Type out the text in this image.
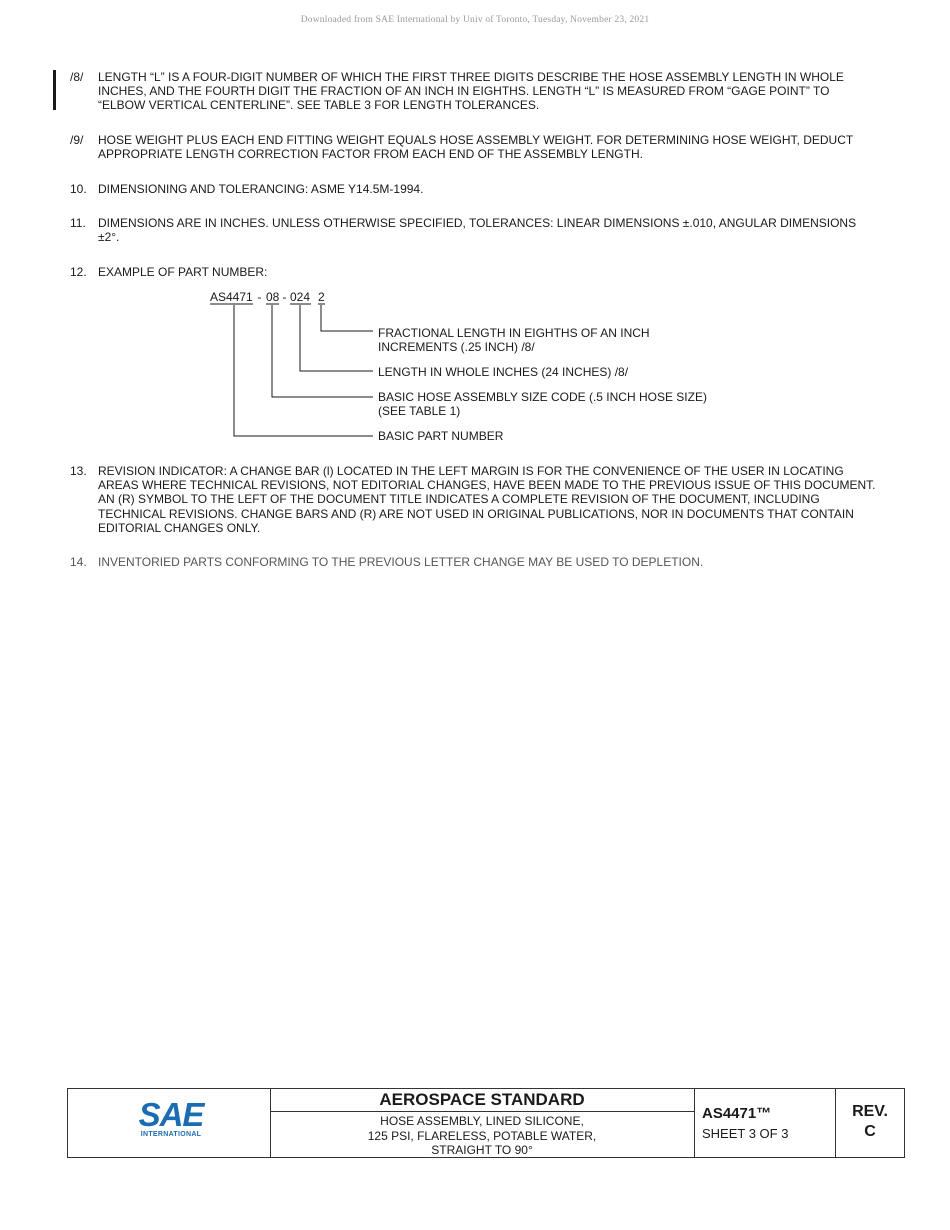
Downloaded from SAE International by Univ of Toronto, Tuesday, November 23, 2021
/8/	LENGTH “L” IS A FOUR-DIGIT NUMBER OF WHICH THE FIRST THREE DIGITS DESCRIBE THE HOSE ASSEMBLY LENGTH IN WHOLE INCHES, AND THE FOURTH DIGIT THE FRACTION OF AN INCH IN EIGHTHS. LENGTH “L” IS MEASURED FROM “GAGE POINT” TO “ELBOW VERTICAL CENTERLINE”. SEE TABLE 3 FOR LENGTH TOLERANCES.
/9/	HOSE WEIGHT PLUS EACH END FITTING WEIGHT EQUALS HOSE ASSEMBLY WEIGHT. FOR DETERMINING HOSE WEIGHT, DEDUCT APPROPRIATE LENGTH CORRECTION FACTOR FROM EACH END OF THE ASSEMBLY LENGTH.
10. DIMENSIONING AND TOLERANCING: ASME Y14.5M-1994.
11.	DIMENSIONS ARE IN INCHES. UNLESS OTHERWISE SPECIFIED, TOLERANCES: LINEAR DIMENSIONS ±.010, ANGULAR DIMENSIONS ±2°.
12. EXAMPLE OF PART NUMBER:
AS4471 - 08 - 024 2
FRACTIONAL LENGTH IN EIGHTHS OF AN INCH
INCREMENTS (.25 INCH) /8/
LENGTH IN WHOLE INCHES (24 INCHES) /8/
BASIC HOSE ASSEMBLY SIZE CODE (.5 INCH HOSE SIZE)
(SEE TABLE 1)
BASIC PART NUMBER
13. REVISION INDICATOR: A CHANGE BAR (l) LOCATED IN THE LEFT MARGIN IS FOR THE CONVENIENCE OF THE USER IN LOCATING AREAS WHERE TECHNICAL REVISIONS, NOT EDITORIAL CHANGES, HAVE BEEN MADE TO THE PREVIOUS ISSUE OF THIS DOCUMENT. AN (R) SYMBOL TO THE LEFT OF THE DOCUMENT TITLE INDICATES A COMPLETE REVISION OF THE DOCUMENT, INCLUDING TECHNICAL REVISIONS. CHANGE BARS AND (R) ARE NOT USED IN ORIGINAL PUBLICATIONS, NOR IN DOCUMENTS THAT CONTAIN EDITORIAL CHANGES ONLY.
14. INVENTORIED PARTS CONFORMING TO THE PREVIOUS LETTER CHANGE MAY BE USED TO DEPLETION.
SAE
INTERNATIONAL
AEROSPACE STANDARD
HOSE ASSEMBLY, LINED SILICONE,
125 PSI, FLARELESS, POTABLE WATER,
STRAIGHT TO 90°
AS4471™
SHEET 3 OF 3
REV.
C
